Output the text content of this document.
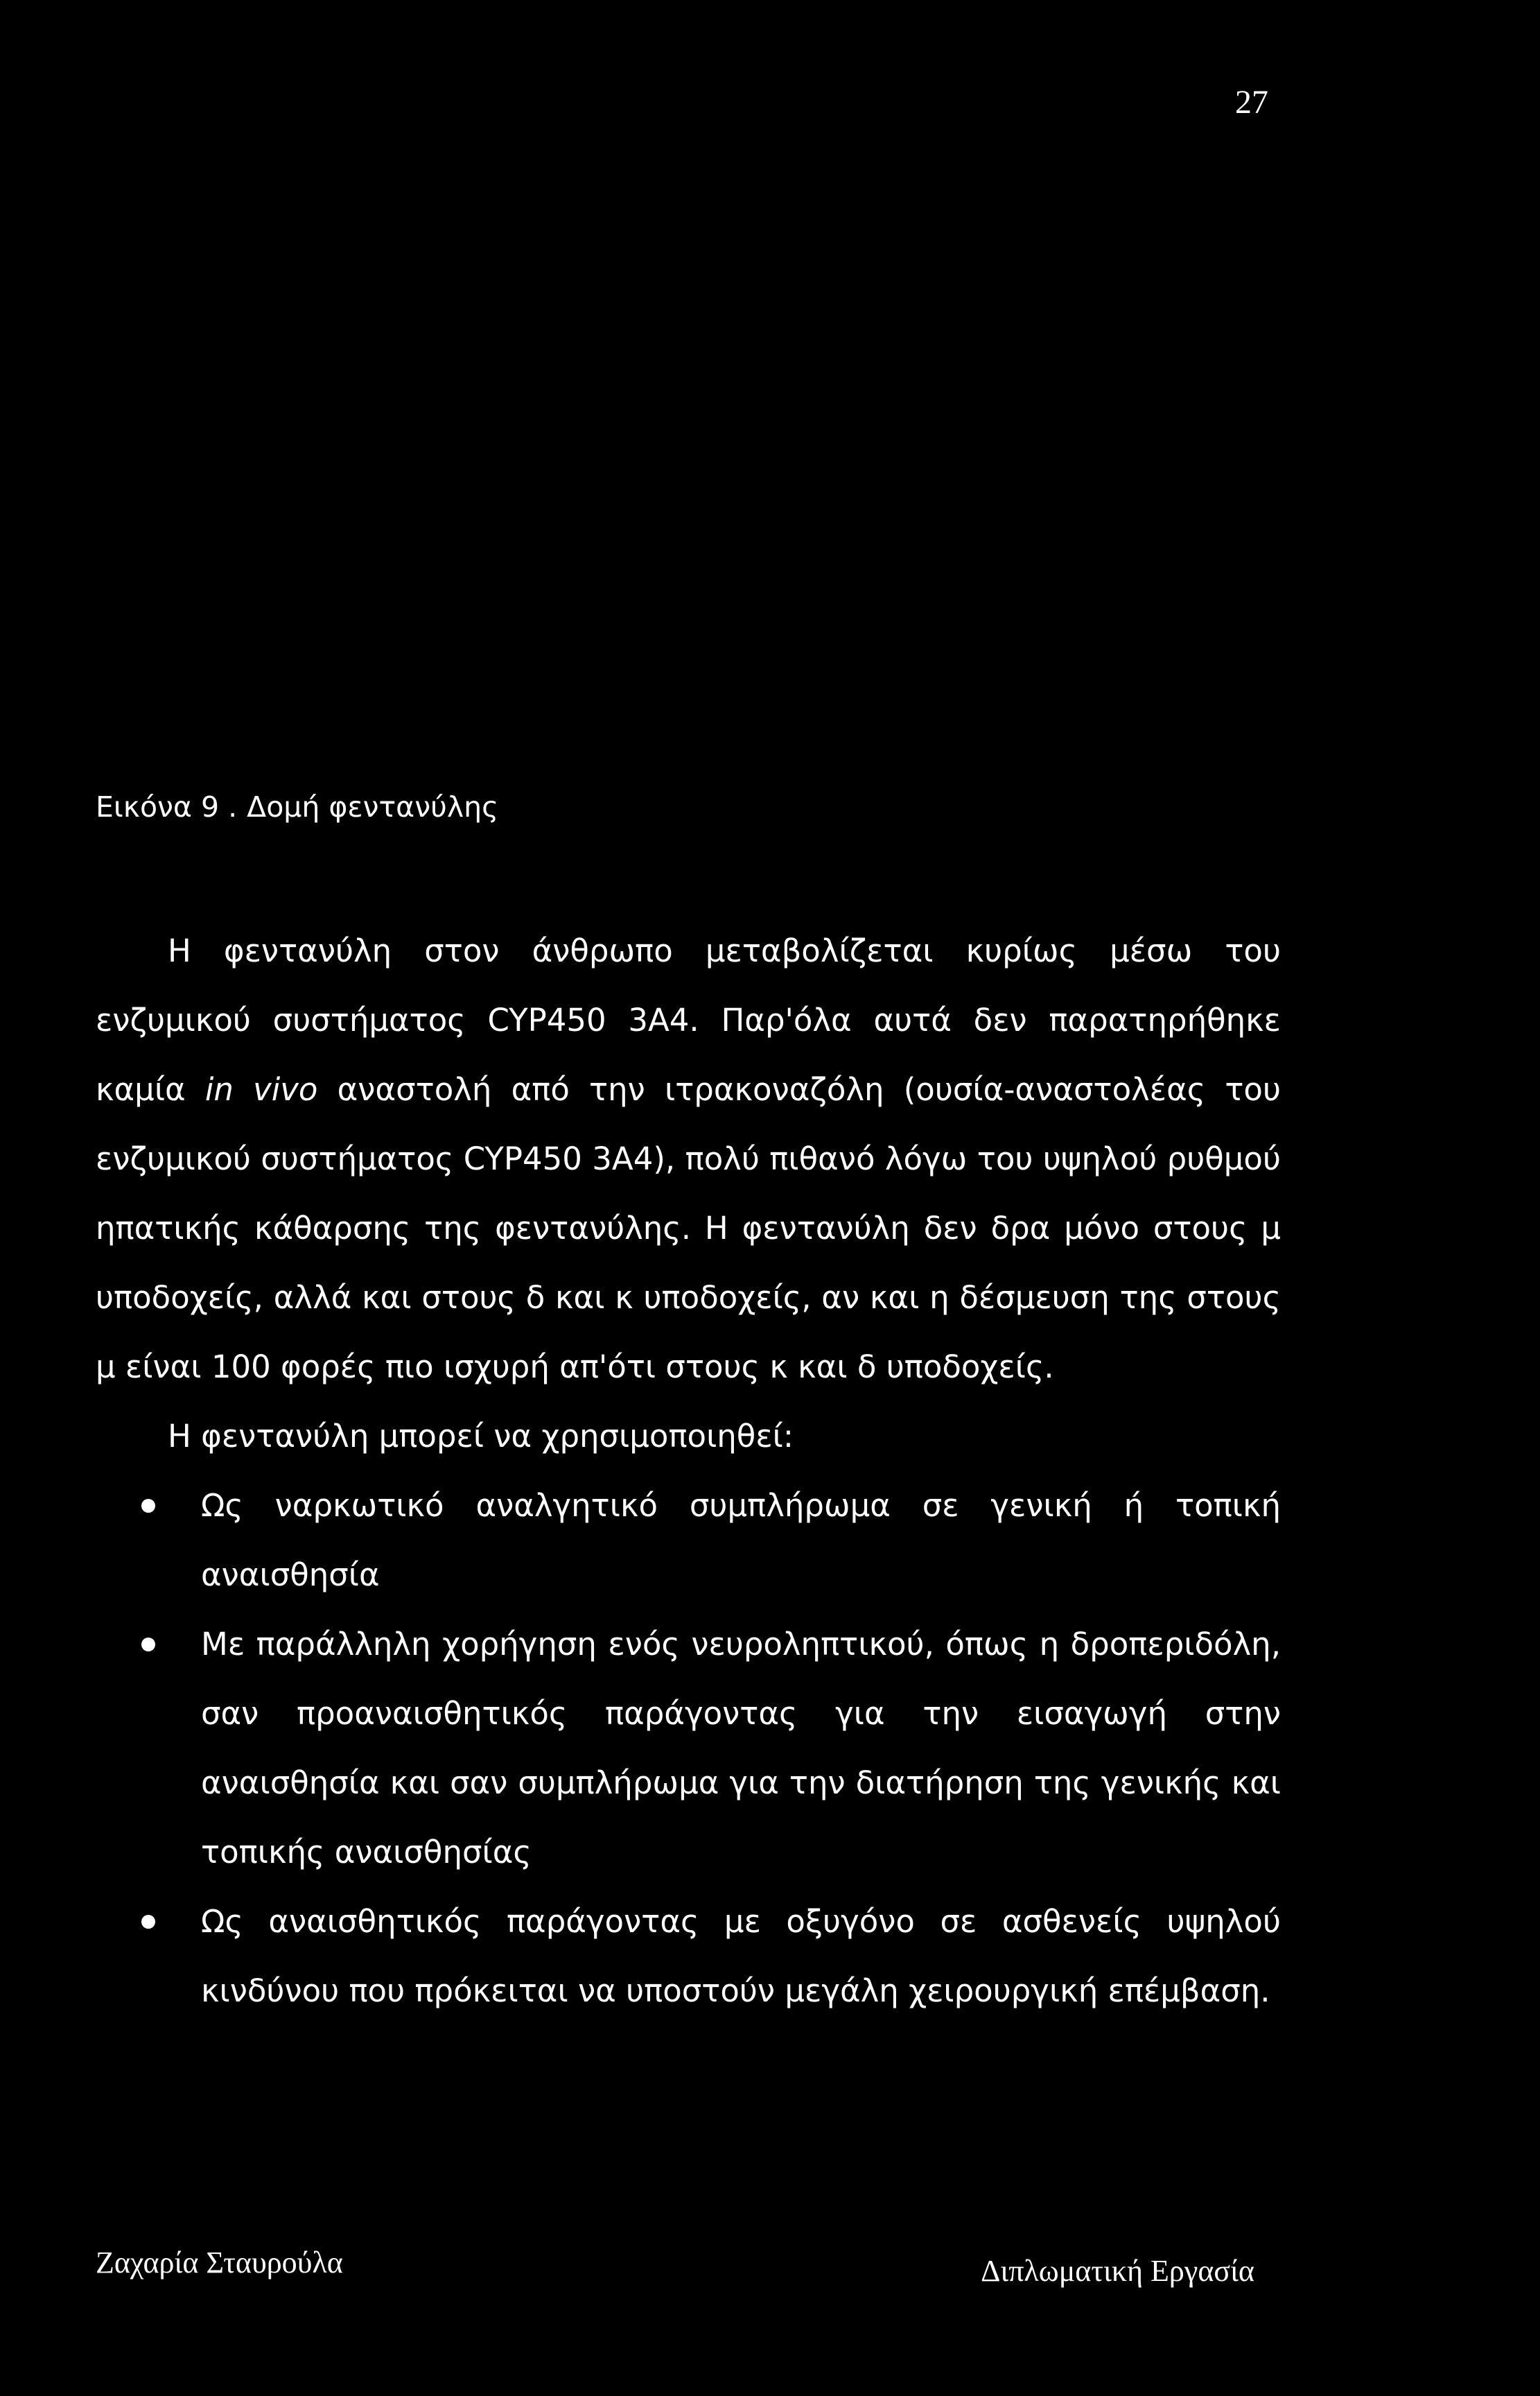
27
Εικόνα 9 . Δομή φεντανύλης

Η φεντανύλη στον άνθρωπο μεταβολίζεται κυρίως μέσω του ενζυμικού συστήματος CYP450 3A4. Παρ'όλα αυτά δεν παρατηρήθηκε καμία in vivo αναστολή από την ιτρακοναζόλη (ουσία-αναστολέας του ενζυμικού συστήματος CYP450 3A4), πολύ πιθανό λόγω του υψηλού ρυθμού ηπατικής κάθαρσης της φεντανύλης. Η φεντανύλη δεν δρα μόνο στους μ υποδοχείς, αλλά και στους δ και κ υποδοχείς, αν και η δέσμευση της στους μ είναι 100 φορές πιο ισχυρή απ'ότι στους κ και δ υποδοχείς.

Η φεντανύλη μπορεί να χρησιμοποιηθεί:

Ως ναρκωτικό αναλγητικό συμπλήρωμα σε γενική ή τοπική αναισθησία
Με παράλληλη χορήγηση ενός νευροληπτικού, όπως η δροπεριδόλη, σαν προαναισθητικός παράγοντας για την εισαγωγή στην αναισθησία και σαν συμπλήρωμα για την διατήρηση της γενικής και τοπικής αναισθησίας
Ως αναισθητικός παράγοντας με οξυγόνο σε ασθενείς υψηλού κινδύνου που πρόκειται να υποστούν μεγάλη χειρουργική επέμβαση.
Ζαχαρία Σταυρούλα	Διπλωματική Εργασία
